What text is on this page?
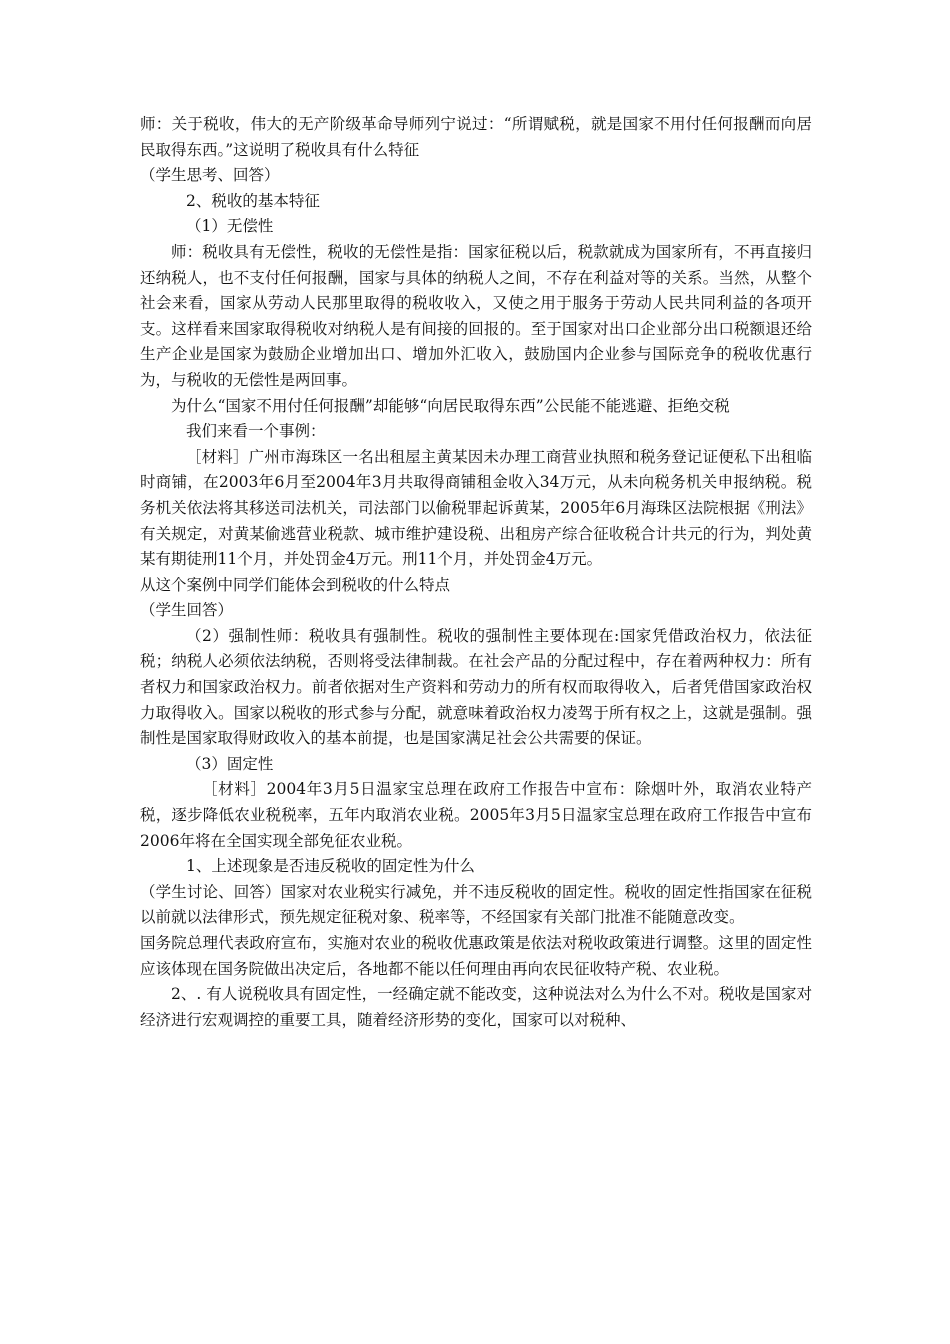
师：关于税收，伟大的无产阶级革命导师列宁说过：“所谓赋税，就是国家不用付任何报酬而向居民取得东西。”这说明了税收具有什么特征

（学生思考、回答）

2、税收的基本特征

（1）无偿性

师：税收具有无偿性，税收的无偿性是指：国家征税以后，税款就成为国家所有，不再直接归还纳税人，也不支付任何报酬，国家与具体的纳税人之间，不存在利益对等的关系。当然，从整个社会来看，国家从劳动人民那里取得的税收收入，又使之用于服务于劳动人民共同利益的各项开支。这样看来国家取得税收对纳税人是有间接的回报的。至于国家对出口企业部分出口税额退还给生产企业是国家为鼓励企业增加出口、增加外汇收入，鼓励国内企业参与国际竞争的税收优惠行为，与税收的无偿性是两回事。

为什么“国家不用付任何报酬”却能够“向居民取得东西”公民能不能逃避、拒绝交税

我们来看一个事例：

［材料］广州市海珠区一名出租屋主黄某因未办理工商营业执照和税务登记证便私下出租临时商铺，在2003年6月至2004年3月共取得商铺租金收入34万元，从未向税务机关申报纳税。税务机关依法将其移送司法机关，司法部门以偷税罪起诉黄某，2005年6月海珠区法院根据《刑法》有关规定，对黄某偷逃营业税款、城市维护建设税、出租房产综合征收税合计共元的行为，判处黄某有期徒刑11个月，并处罚金4万元。刑11个月，并处罚金4万元。

从这个案例中同学们能体会到税收的什么特点

（学生回答）

（2）强制性师：税收具有强制性。税收的强制性主要体现在:国家凭借政治权力，依法征税；纳税人必须依法纳税，否则将受法律制裁。在社会产品的分配过程中，存在着两种权力：所有者权力和国家政治权力。前者依据对生产资料和劳动力的所有权而取得收入，后者凭借国家政治权力取得收入。国家以税收的形式参与分配，就意味着政治权力凌驾于所有权之上，这就是强制。强制性是国家取得财政收入的基本前提，也是国家满足社会公共需要的保证。

（3）固定性

［材料］2004年3月5日温家宝总理在政府工作报告中宣布：除烟叶外，取消农业特产税，逐步降低农业税税率，五年内取消农业税。2005年3月5日温家宝总理在政府工作报告中宣布2006年将在全国实现全部免征农业税。

1、上述现象是否违反税收的固定性为什么

（学生讨论、回答）国家对农业税实行减免，并不违反税收的固定性。税收的固定性指国家在征税以前就以法律形式，预先规定征税对象、税率等，不经国家有关部门批准不能随意改变。

国务院总理代表政府宣布，实施对农业的税收优惠政策是依法对税收政策进行调整。这里的固定性应该体现在国务院做出决定后，各地都不能以任何理由再向农民征收特产税、农业税。

2、. 有人说税收具有固定性，一经确定就不能改变，这种说法对么为什么不对。税收是国家对经济进行宏观调控的重要工具，随着经济形势的变化，国家可以对税种、
